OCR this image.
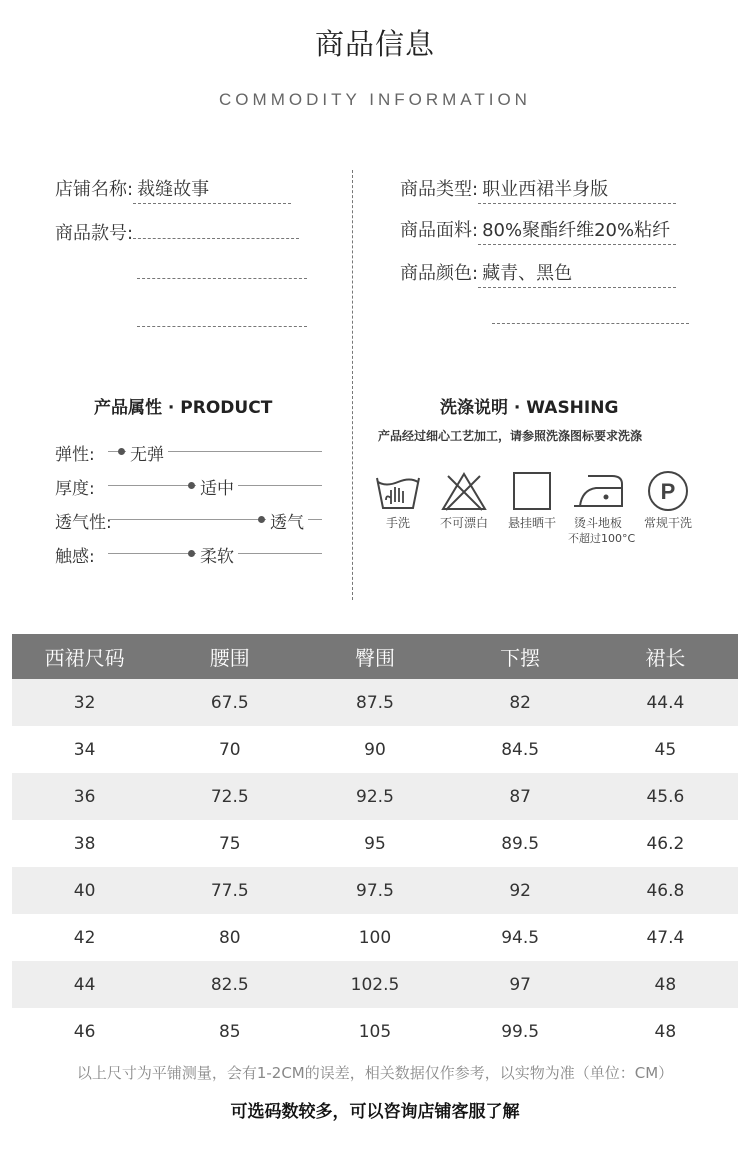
商品信息
COMMODITY INFORMATION
店铺名称: 裁缝故事
商品款号:
商品类型: 职业西裙半身版
商品面料: 80%聚酯纤维20%粘纤
商品颜色: 藏青、黑色
产品属性 · PRODUCT
弹性: 无弹
厚度:	适中
透气性:	透气
触感:	柔软
洗涤说明 · WASHING
产品经过细心工艺加工，请参照洗涤图标要求洗涤
手洗	不可漂白	悬挂晒干	烫斗地板
不超过100°C
P
常规干洗
西裙尺码	腰围	臀围	下摆	裙长
32	67.5	87.5	82	44.4
34	70	90	84.5	45
36	72.5	92.5	87	45.6
38	75	95	89.5	46.2
40	77.5	97.5	92	46.8
42	80	100	94.5	47.4
44	82.5	102.5	97	48
46	85	105	99.5	48
以上尺寸为平铺测量，会有1-2CM的误差，相关数据仅作参考，以实物为准（单位：CM）
可选码数较多，可以咨询店铺客服了解
